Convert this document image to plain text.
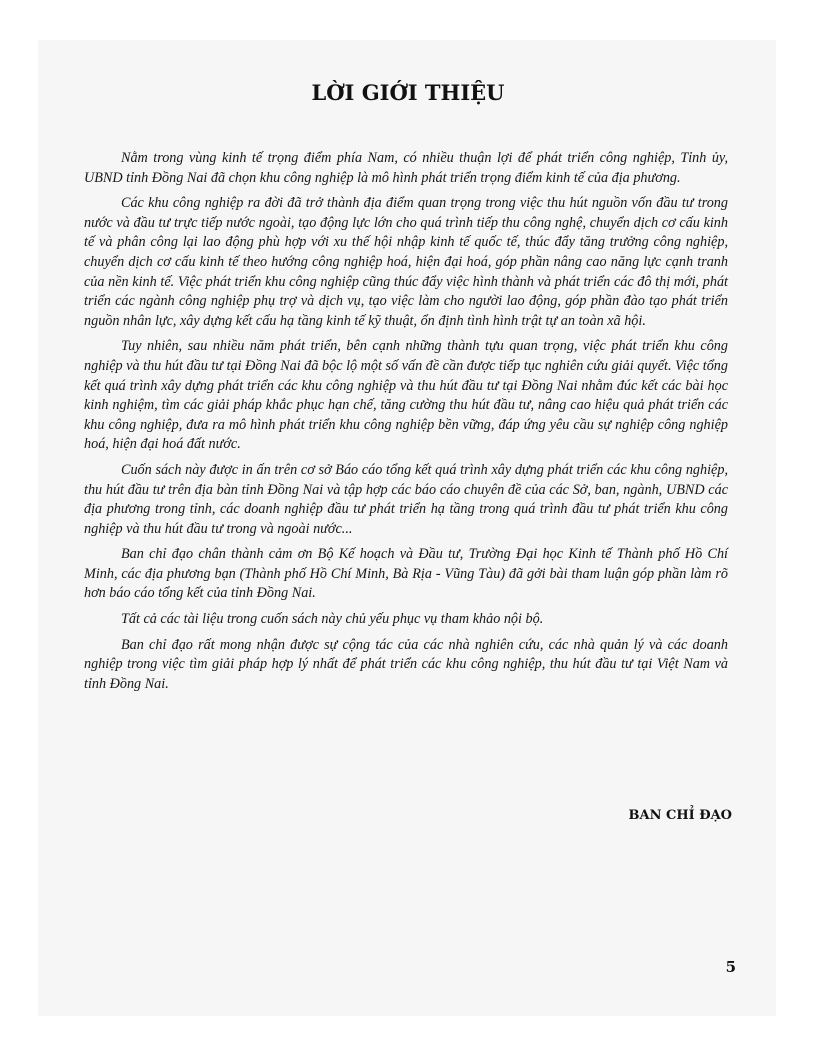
LỜI GIỚI THIỆU

Nằm trong vùng kinh tế trọng điểm phía Nam, có nhiều thuận lợi để phát triển công nghiệp, Tỉnh ủy, UBND tỉnh Đồng Nai đã chọn khu công nghiệp là mô hình phát triển trọng điểm kinh tế của địa phương.

Các khu công nghiệp ra đời đã trở thành địa điểm quan trọng trong việc thu hút nguồn vốn đầu tư trong nước và đầu tư trực tiếp nước ngoài, tạo động lực lớn cho quá trình tiếp thu công nghệ, chuyển dịch cơ cấu kinh tế và phân công lại lao động phù hợp với xu thế hội nhập kinh tế quốc tế, thúc đẩy tăng trưởng công nghiệp, chuyển dịch cơ cấu kinh tế theo hướng công nghiệp hoá, hiện đại hoá, góp phần nâng cao năng lực cạnh tranh của nền kinh tế. Việc phát triển khu công nghiệp cũng thúc đẩy việc hình thành và phát triển các đô thị mới, phát triển các ngành công nghiệp phụ trợ và dịch vụ, tạo việc làm cho người lao động, góp phần đào tạo phát triển nguồn nhân lực, xây dựng kết cấu hạ tầng kinh tế kỹ thuật, ổn định tình hình trật tự an toàn xã hội.

Tuy nhiên, sau nhiều năm phát triển, bên cạnh những thành tựu quan trọng, việc phát triển khu công nghiệp và thu hút đầu tư tại Đồng Nai đã bộc lộ một số vấn đề cần được tiếp tục nghiên cứu giải quyết. Việc tổng kết quá trình xây dựng phát triển các khu công nghiệp và thu hút đầu tư tại Đồng Nai nhằm đúc kết các bài học kinh nghiệm, tìm các giải pháp khắc phục hạn chế, tăng cường thu hút đầu tư, nâng cao hiệu quả phát triển các khu công nghiệp, đưa ra mô hình phát triển khu công nghiệp bền vững, đáp ứng yêu cầu sự nghiệp công nghiệp hoá, hiện đại hoá đất nước.

Cuốn sách này được in ấn trên cơ sở Báo cáo tổng kết quá trình xây dựng phát triển các khu công nghiệp, thu hút đầu tư trên địa bàn tỉnh Đồng Nai và tập hợp các báo cáo chuyên đề của các Sở, ban, ngành, UBND các địa phương trong tỉnh, các doanh nghiệp đầu tư phát triển hạ tầng trong quá trình đầu tư phát triển khu công nghiệp và thu hút đầu tư trong và ngoài nước...

Ban chỉ đạo chân thành cảm ơn Bộ Kế hoạch và Đầu tư, Trường Đại học Kinh tế Thành phố Hồ Chí Minh, các địa phương bạn (Thành phố Hồ Chí Minh, Bà Rịa - Vũng Tàu) đã gởi bài tham luận góp phần làm rõ hơn báo cáo tổng kết của tỉnh Đồng Nai.

Tất cả các tài liệu trong cuốn sách này chủ yếu phục vụ tham khảo nội bộ.

Ban chỉ đạo rất mong nhận được sự cộng tác của các nhà nghiên cứu, các nhà quản lý và các doanh nghiệp trong việc tìm giải pháp hợp lý nhất để phát triển các khu công nghiệp, thu hút đầu tư tại Việt Nam và tỉnh Đồng Nai.

BAN CHỈ ĐẠO
5
